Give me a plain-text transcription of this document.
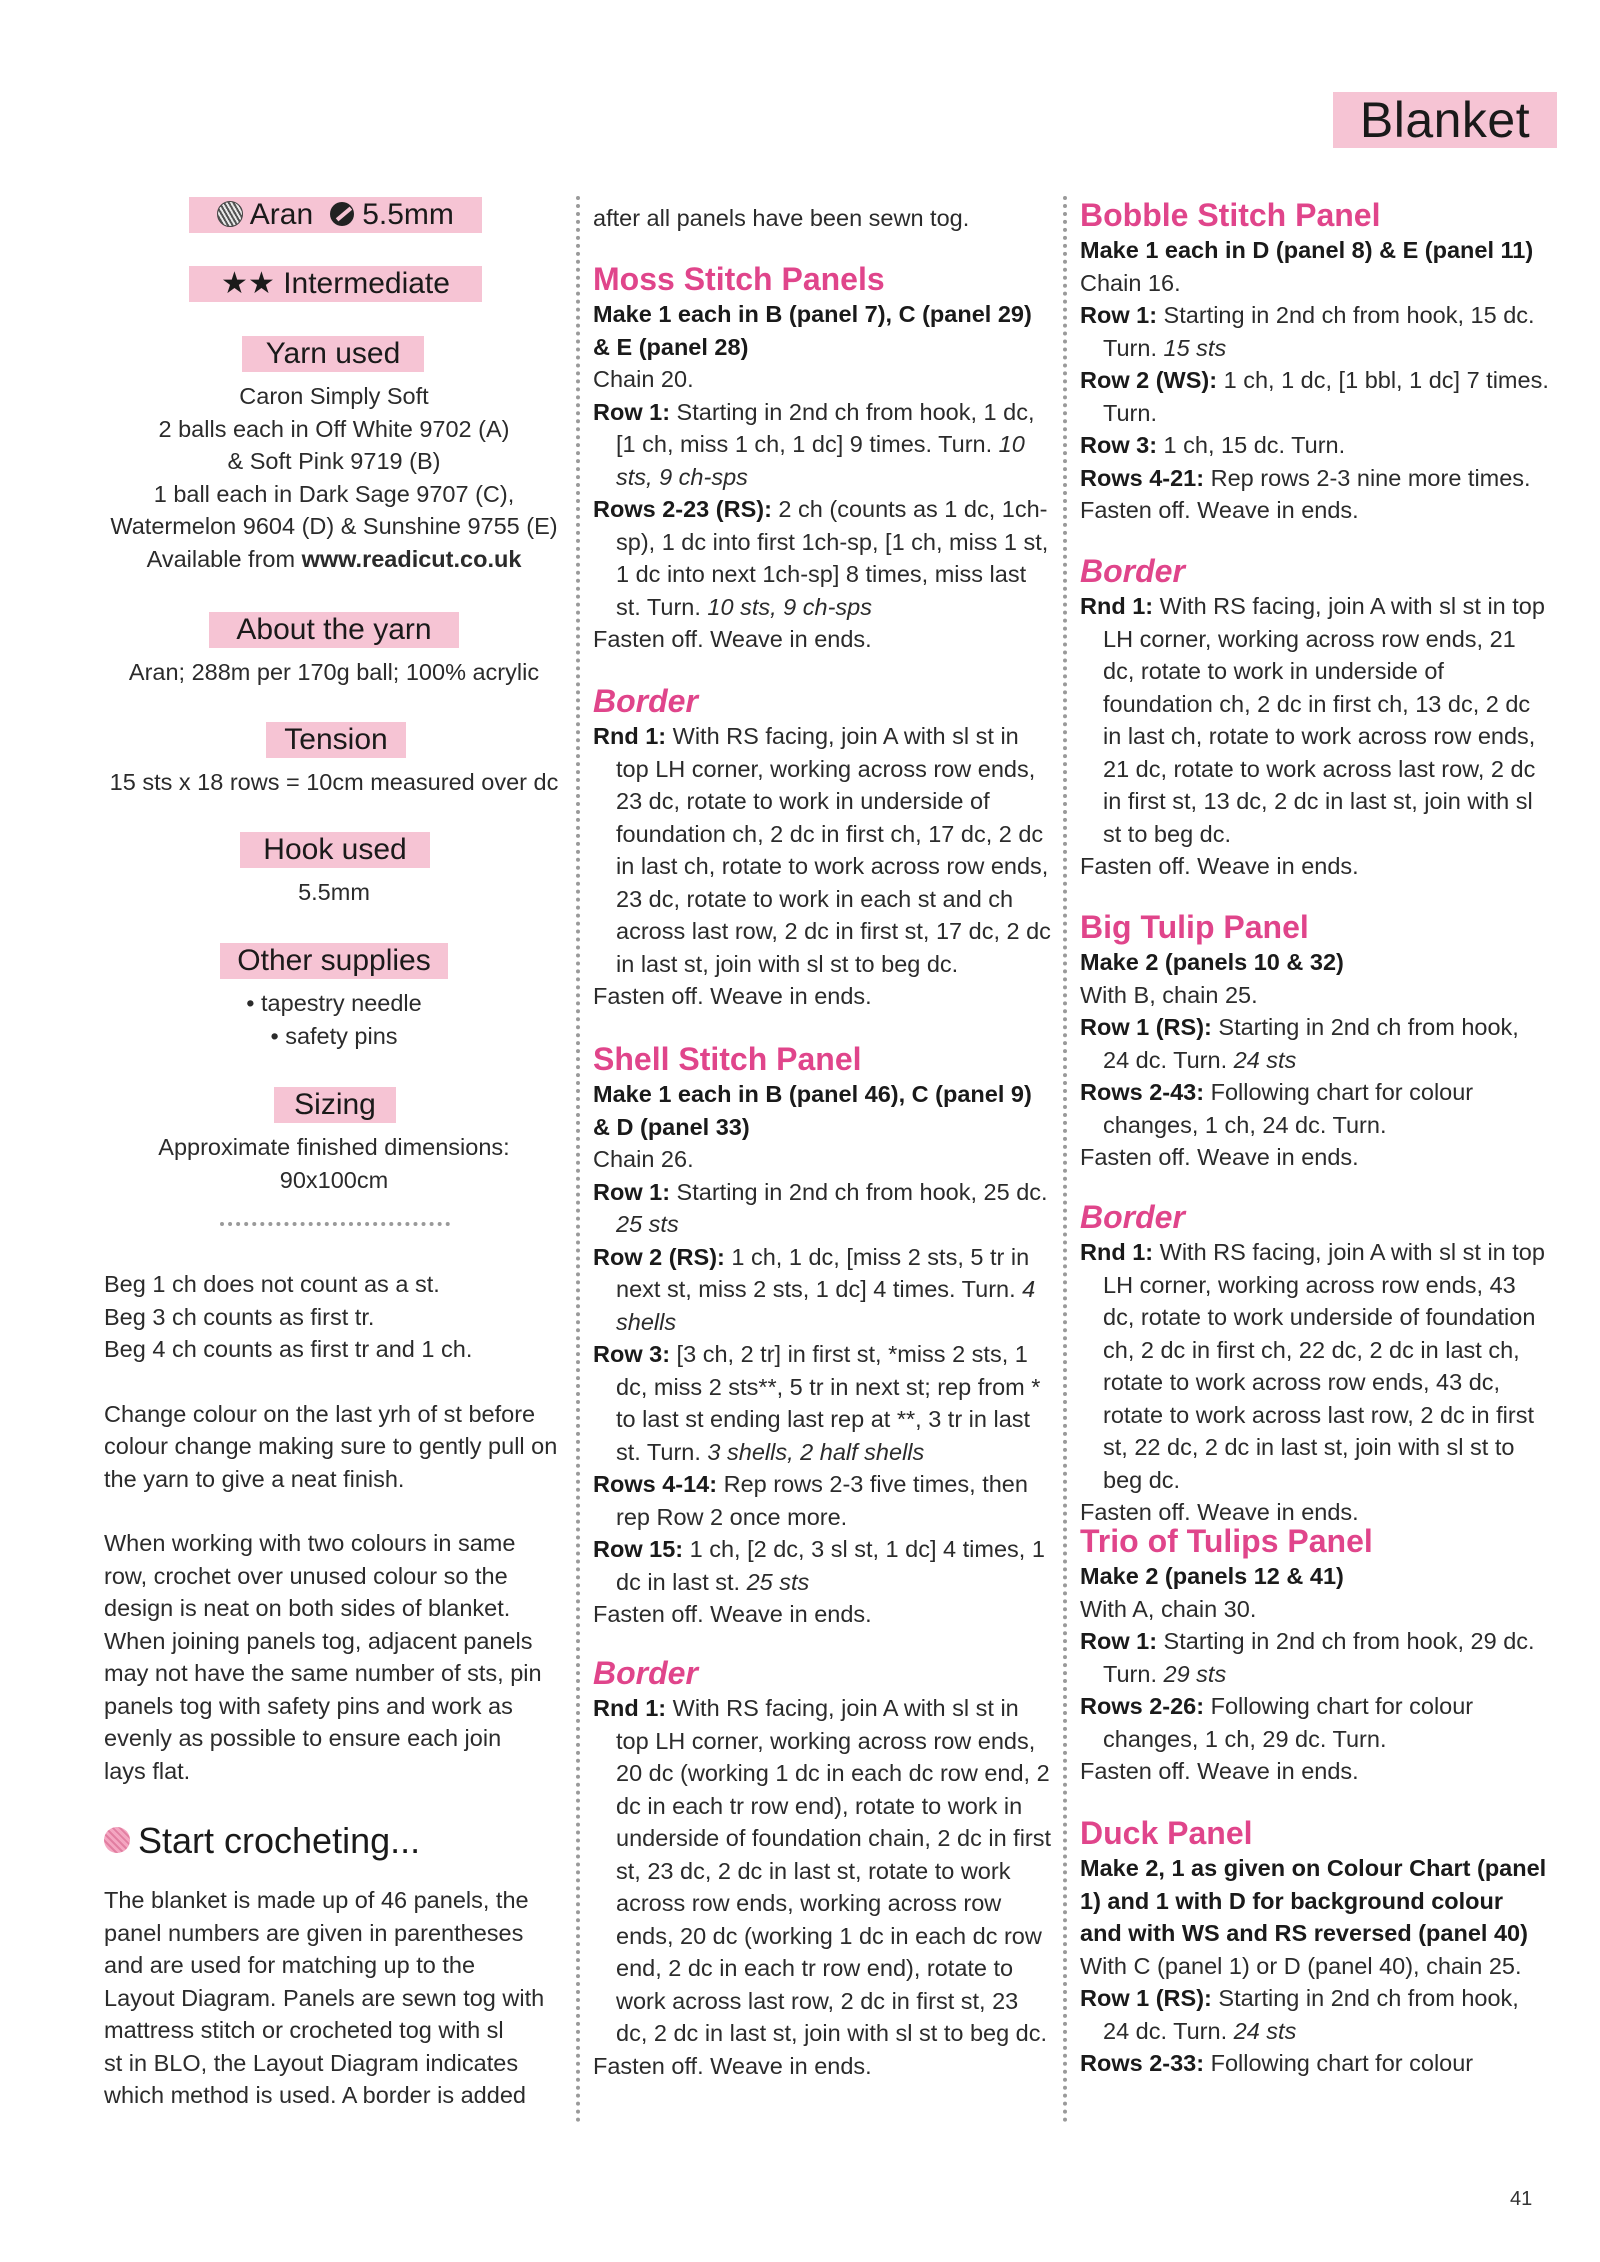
Blanket
Aran 5.5mm
★★ Intermediate
Yarn used
Caron Simply Soft
2 balls each in Off White 9702 (A)
& Soft Pink 9719 (B)
1 ball each in Dark Sage 9707 (C),
Watermelon 9604 (D) & Sunshine 9755 (E)
Available from www.readicut.co.uk
About the yarn
Aran; 288m per 170g ball; 100% acrylic
Tension
15 sts x 18 rows = 10cm measured over dc
Hook used
5.5mm
Other supplies
• tapestry needle
• safety pins
Sizing
Approximate finished dimensions:
90x100cm

Beg 1 ch does not count as a st.

Beg 3 ch counts as first tr.

Beg 4 ch counts as first tr and 1 ch.

Change colour on the last yrh of st before

colour change making sure to gently pull on

the yarn to give a neat finish.

When working with two colours in same

row, crochet over unused colour so the

design is neat on both sides of blanket.

When joining panels tog, adjacent panels

may not have the same number of sts, pin

panels tog with safety pins and work as

evenly as possible to ensure each join

lays flat.

Start crocheting...

The blanket is made up of 46 panels, the

panel numbers are given in parentheses

and are used for matching up to the

Layout Diagram. Panels are sewn tog with

mattress stitch or crocheted tog with sl

st in BLO, the Layout Diagram indicates

which method is used. A border is added

after all panels have been sewn tog.
Moss Stitch Panels

Make 1 each in B (panel 7), C (panel 29) & E (panel 28)

Chain 20.

Row 1: Starting in 2nd ch from hook, 1 dc, [1 ch, miss 1 ch, 1 dc] 9 times. Turn. 10 sts, 9 ch-sps

Rows 2-23 (RS): 2 ch (counts as 1 dc, 1ch-sp), 1 dc into first 1ch-sp, [1 ch, miss 1 st, 1 dc into next 1ch-sp] 8 times, miss last st. Turn. 10 sts, 9 ch-sps

Fasten off. Weave in ends.

Border

Rnd 1: With RS facing, join A with sl st in top LH corner, working across row ends, 23 dc, rotate to work in underside of foundation ch, 2 dc in first ch, 17 dc, 2 dc in last ch, rotate to work across row ends, 23 dc, rotate to work in each st and ch across last row, 2 dc in first st, 17 dc, 2 dc in last st, join with sl st to beg dc.

Fasten off. Weave in ends.

Shell Stitch Panel

Make 1 each in B (panel 46), C (panel 9) & D (panel 33)

Chain 26.

Row 1: Starting in 2nd ch from hook, 25 dc. 25 sts

Row 2 (RS): 1 ch, 1 dc, [miss 2 sts, 5 tr in next st, miss 2 sts, 1 dc] 4 times. Turn. 4 shells

Row 3: [3 ch, 2 tr] in first st, *miss 2 sts, 1 dc, miss 2 sts**, 5 tr in next st; rep from * to last st ending last rep at **, 3 tr in last st. Turn. 3 shells, 2 half shells

Rows 4-14: Rep rows 2-3 five times, then rep Row 2 once more.

Row 15: 1 ch, [2 dc, 3 sl st, 1 dc] 4 times, 1 dc in last st. 25 sts

Fasten off. Weave in ends.

Border

Rnd 1: With RS facing, join A with sl st in top LH corner, working across row ends, 20 dc (working 1 dc in each dc row end, 2 dc in each tr row end), rotate to work in underside of foundation chain, 2 dc in first st, 23 dc, 2 dc in last st, rotate to work across row ends, working across row ends, 20 dc (working 1 dc in each dc row end, 2 dc in each tr row end), rotate to work across last row, 2 dc in first st, 23 dc, 2 dc in last st, join with sl st to beg dc.

Fasten off. Weave in ends.

Bobble Stitch Panel

Make 1 each in D (panel 8) & E (panel 11)

Chain 16.

Row 1: Starting in 2nd ch from hook, 15 dc. Turn. 15 sts

Row 2 (WS): 1 ch, 1 dc, [1 bbl, 1 dc] 7 times. Turn.

Row 3: 1 ch, 15 dc. Turn.

Rows 4-21: Rep rows 2-3 nine more times.

Fasten off. Weave in ends.

Border

Rnd 1: With RS facing, join A with sl st in top LH corner, working across row ends, 21 dc, rotate to work in underside of foundation ch, 2 dc in first ch, 13 dc, 2 dc in last ch, rotate to work across row ends, 21 dc, rotate to work across last row, 2 dc in first st, 13 dc, 2 dc in last st, join with sl st to beg dc.

Fasten off. Weave in ends.

Big Tulip Panel

Make 2 (panels 10 & 32)

With B, chain 25.

Row 1 (RS): Starting in 2nd ch from hook, 24 dc. Turn. 24 sts

Rows 2-43: Following chart for colour changes, 1 ch, 24 dc. Turn.

Fasten off. Weave in ends.

Border

Rnd 1: With RS facing, join A with sl st in top LH corner, working across row ends, 43 dc, rotate to work underside of foundation ch, 2 dc in first ch, 22 dc, 2 dc in last ch, rotate to work across row ends, 43 dc, rotate to work across last row, 2 dc in first st, 22 dc, 2 dc in last st, join with sl st to beg dc.

Fasten off. Weave in ends.

Trio of Tulips Panel

Make 2 (panels 12 & 41)

With A, chain 30.

Row 1: Starting in 2nd ch from hook, 29 dc. Turn. 29 sts

Rows 2-26: Following chart for colour changes, 1 ch, 29 dc. Turn.

Fasten off. Weave in ends.

Duck Panel

Make 2, 1 as given on Colour Chart (panel 1) and 1 with D for background colour and with WS and RS reversed (panel 40)

With C (panel 1) or D (panel 40), chain 25.

Row 1 (RS): Starting in 2nd ch from hook, 24 dc. Turn. 24 sts

Rows 2-33: Following chart for colour

41
